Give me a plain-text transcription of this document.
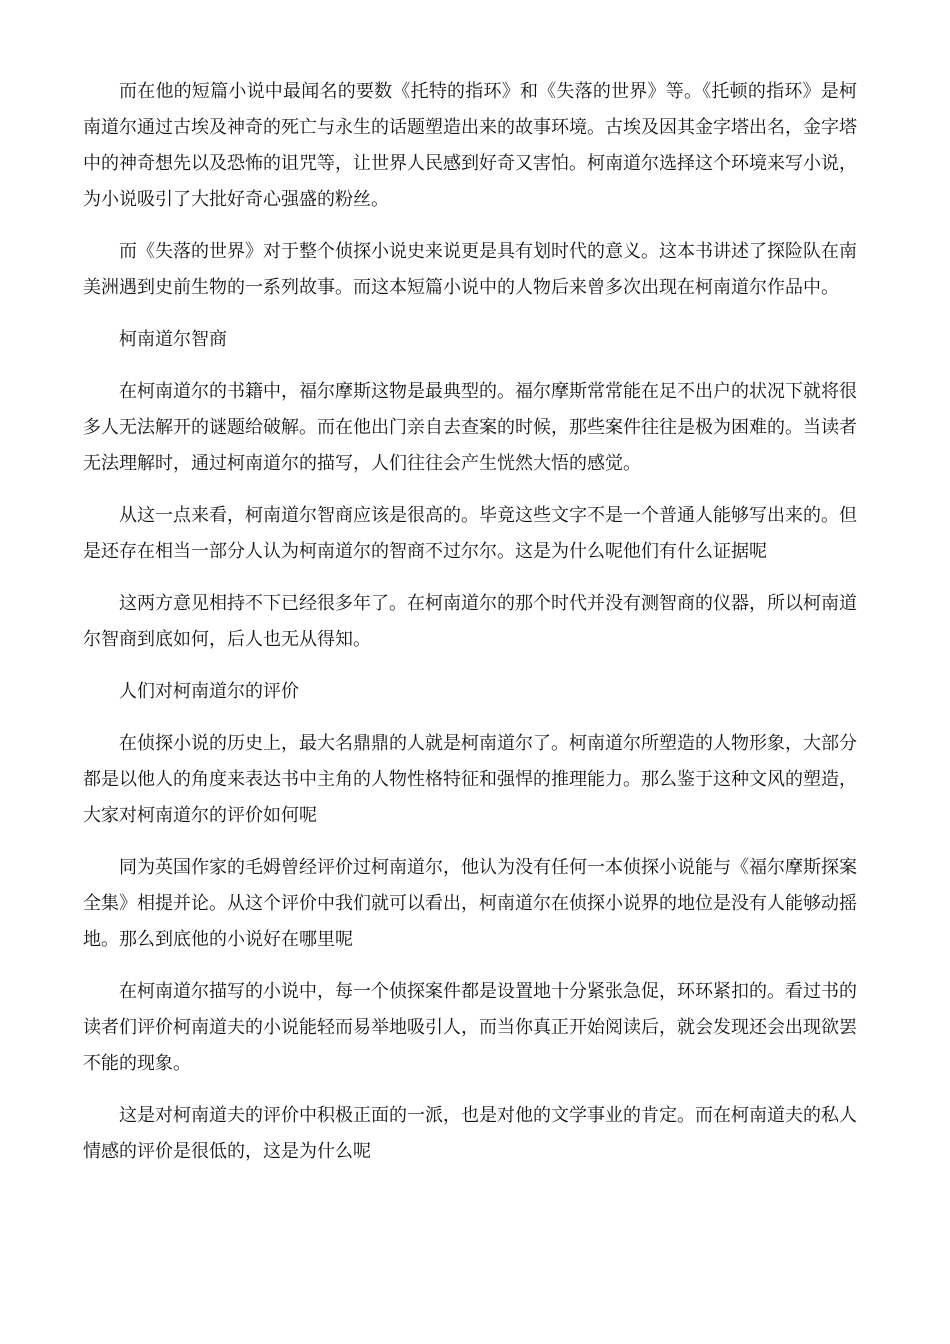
而在他的短篇小说中最闻名的要数《托特的指环》和《失落的世界》等。《托顿的指环》是柯南道尔通过古埃及神奇的死亡与永生的话题塑造出来的故事环境。古埃及因其金字塔出名，金字塔中的神奇想先以及恐怖的诅咒等，让世界人民感到好奇又害怕。柯南道尔选择这个环境来写小说，为小说吸引了大批好奇心强盛的粉丝。

而《失落的世界》对于整个侦探小说史来说更是具有划时代的意义。这本书讲述了探险队在南美洲遇到史前生物的一系列故事。而这本短篇小说中的人物后来曾多次出现在柯南道尔作品中。

柯南道尔智商

在柯南道尔的书籍中，福尔摩斯这物是最典型的。福尔摩斯常常能在足不出户的状况下就将很多人无法解开的谜题给破解。而在他出门亲自去查案的时候，那些案件往往是极为困难的。当读者无法理解时，通过柯南道尔的描写，人们往往会产生恍然大悟的感觉。

从这一点来看，柯南道尔智商应该是很高的。毕竟这些文字不是一个普通人能够写出来的。但是还存在相当一部分人认为柯南道尔的智商不过尔尔。这是为什么呢他们有什么证据呢

这两方意见相持不下已经很多年了。在柯南道尔的那个时代并没有测智商的仪器，所以柯南道尔智商到底如何，后人也无从得知。

人们对柯南道尔的评价

在侦探小说的历史上，最大名鼎鼎的人就是柯南道尔了。柯南道尔所塑造的人物形象，大部分都是以他人的角度来表达书中主角的人物性格特征和强悍的推理能力。那么鉴于这种文风的塑造，大家对柯南道尔的评价如何呢

同为英国作家的毛姆曾经评价过柯南道尔，他认为没有任何一本侦探小说能与《福尔摩斯探案全集》相提并论。从这个评价中我们就可以看出，柯南道尔在侦探小说界的地位是没有人能够动摇地。那么到底他的小说好在哪里呢

在柯南道尔描写的小说中，每一个侦探案件都是设置地十分紧张急促，环环紧扣的。看过书的读者们评价柯南道夫的小说能轻而易举地吸引人，而当你真正开始阅读后，就会发现还会出现欲罢不能的现象。

这是对柯南道夫的评价中积极正面的一派，也是对他的文学事业的肯定。而在柯南道夫的私人情感的评价是很低的，这是为什么呢
